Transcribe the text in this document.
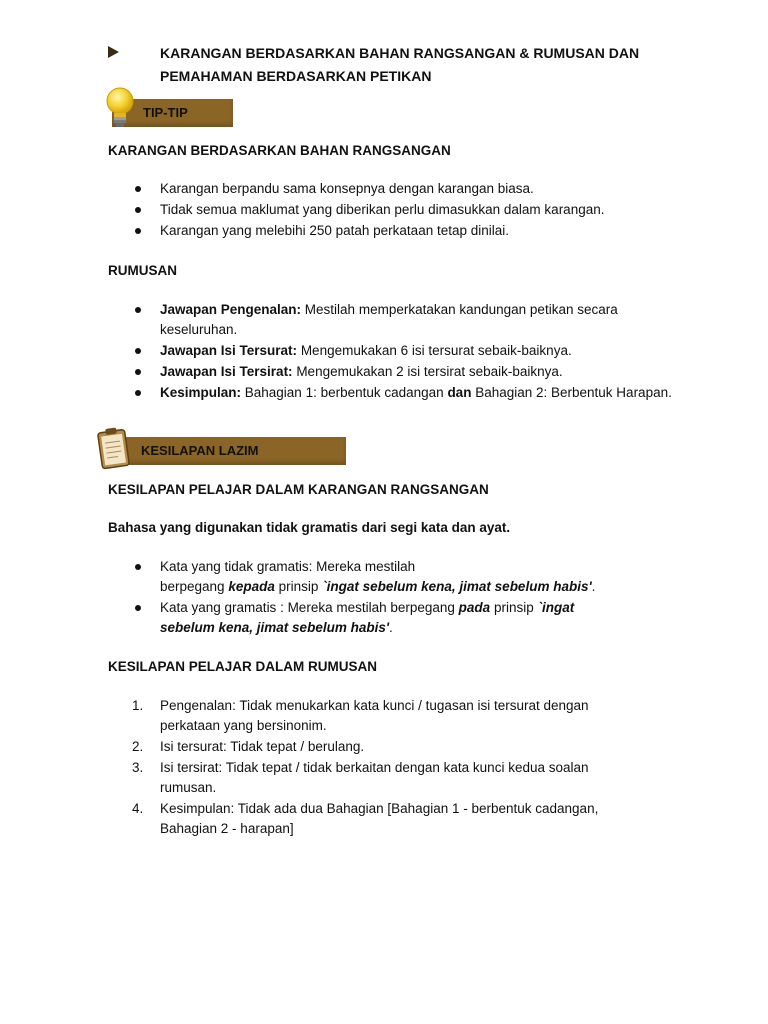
KARANGAN BERDASARKAN BAHAN RANGSANGAN & RUMUSAN DAN
PEMAHAMAN BERDASARKAN PETIKAN
TIP-TIP
KARANGAN BERDASARKAN BAHAN RANGSANGAN
Karangan berpandu sama konsepnya dengan karangan biasa.
Tidak semua maklumat yang diberikan perlu dimasukkan dalam karangan.
Karangan yang melebihi 250 patah perkataan tetap dinilai.
RUMUSAN
Jawapan Pengenalan: Mestilah memperkatakan kandungan petikan secara keseluruhan.
Jawapan Isi Tersurat: Mengemukakan 6 isi tersurat sebaik-baiknya.
Jawapan Isi Tersirat: Mengemukakan 2 isi tersirat sebaik-baiknya.
Kesimpulan: Bahagian 1: berbentuk cadangan dan Bahagian 2: Berbentuk Harapan.
KESILAPAN LAZIM
KESILAPAN PELAJAR DALAM KARANGAN RANGSANGAN
Bahasa yang digunakan tidak gramatis dari segi kata dan ayat.
Kata yang tidak gramatis: Mereka mestilah
berpegang kepada prinsip `ingat sebelum kena, jimat sebelum habis'.
Kata yang gramatis : Mereka mestilah berpegang pada prinsip `ingat
sebelum kena, jimat sebelum habis'.
KESILAPAN PELAJAR DALAM RUMUSAN
1. Pengenalan: Tidak menukarkan kata kunci / tugasan isi tersurat dengan
perkataan yang bersinonim.
2. Isi tersurat: Tidak tepat / berulang.
3. Isi tersirat: Tidak tepat / tidak berkaitan dengan kata kunci kedua soalan
rumusan.
4. Kesimpulan: Tidak ada dua Bahagian [Bahagian 1 - berbentuk cadangan,
Bahagian 2 - harapan]
